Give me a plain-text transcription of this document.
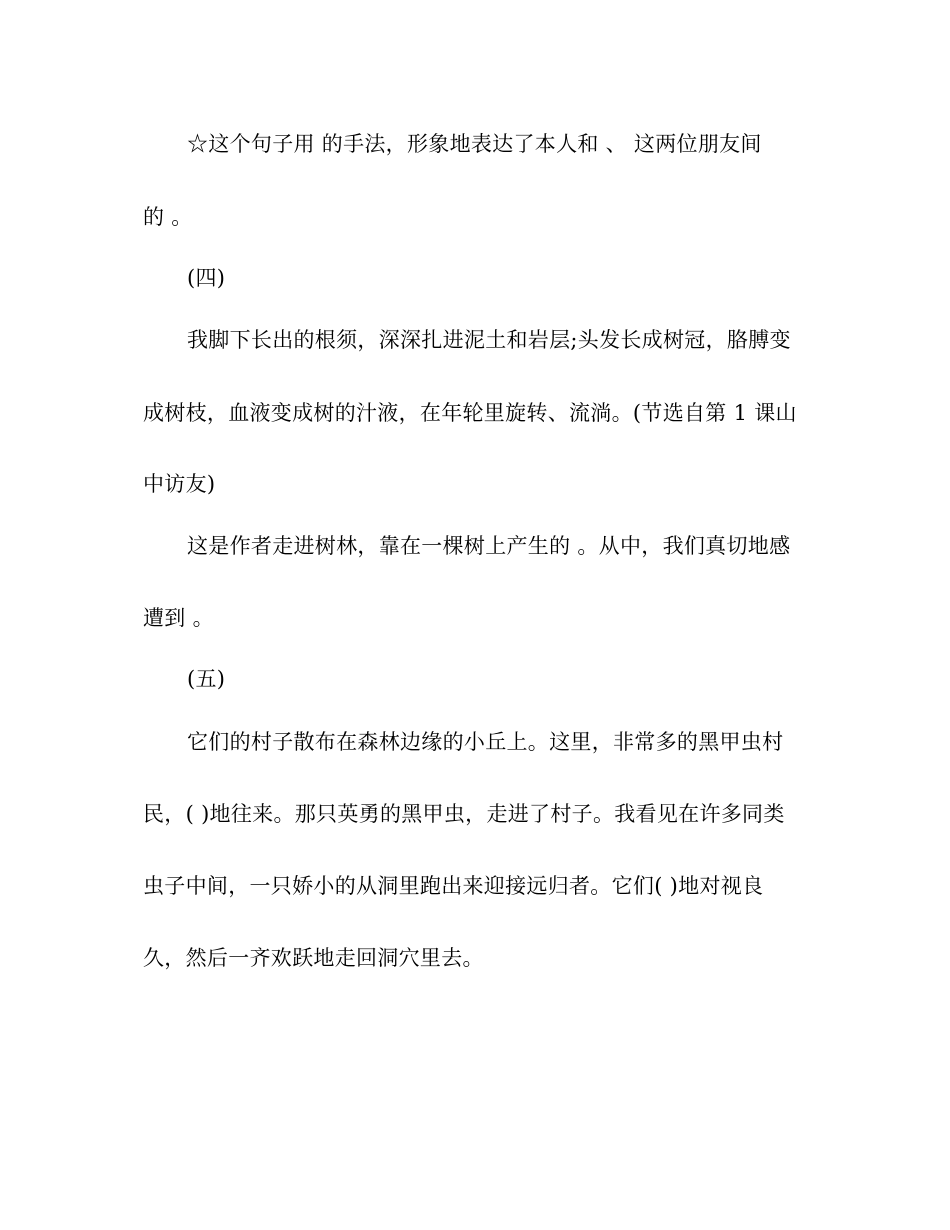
☆这个句子用 的手法，形象地表达了本人和 、 这两位朋友间
的 。
(四)
我脚下长出的根须，深深扎进泥土和岩层;头发长成树冠，胳膊变
成树枝，血液变成树的汁液，在年轮里旋转、流淌。(节选自第 1 课山
中访友)
这是作者走进树林，靠在一棵树上产生的 。从中，我们真切地感
遭到 。
(五)
它们的村子散布在森林边缘的小丘上。这里，非常多的黑甲虫村
民，( )地往来。那只英勇的黑甲虫，走进了村子。我看见在许多同类
虫子中间，一只娇小的从洞里跑出来迎接远归者。它们( )地对视良
久，然后一齐欢跃地走回洞穴里去。
